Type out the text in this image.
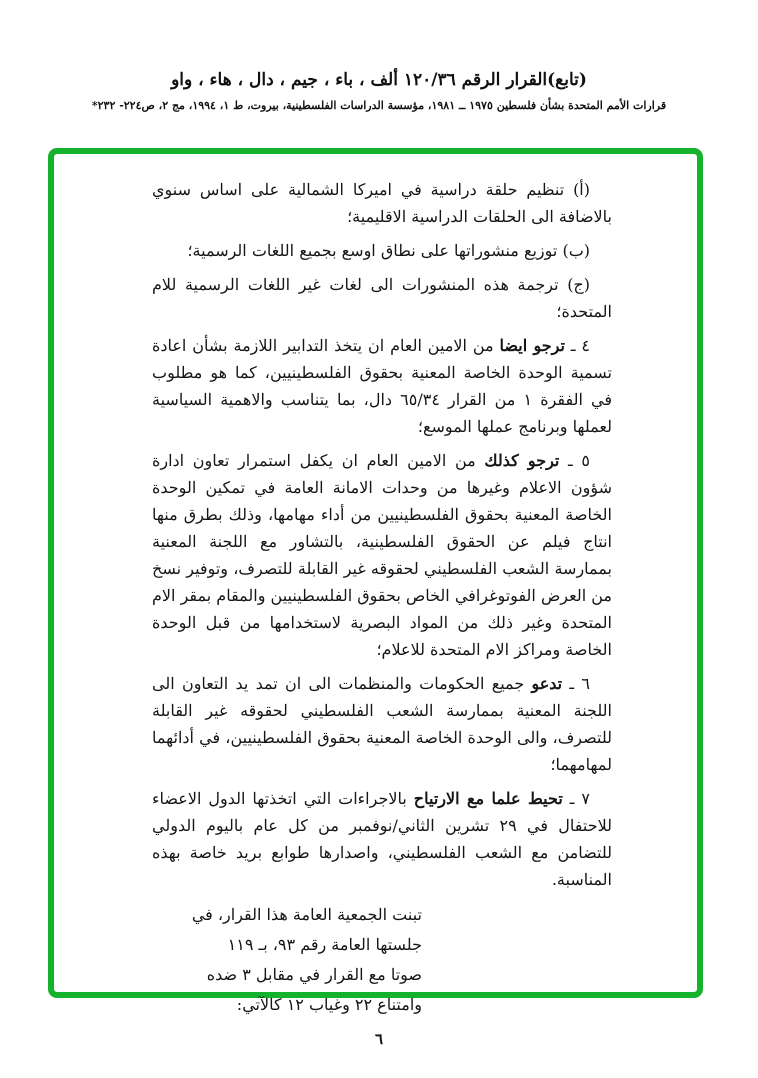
(تابع)القرار الرقم ١٢٠/٣٦ ألف ، باء ، جيم ، دال ، هاء ، واو
قرارات الأمم المتحدة بشأن فلسطين ١٩٧٥ ــ ١٩٨١، مؤسسة الدراسات الفلسطينية، بيروت، ط ١، ١٩٩٤، مج ٢، ص٢٢٤- ٢٣٢*

(أ) تنظيم حلقة دراسية في اميركا الشمالية على اساس سنوي بالاضافة الى الحلقات الدراسية الاقليمية؛

(ب) توزيع منشوراتها على نطاق اوسع بجميع اللغات الرسمية؛

(ج) ترجمة هذه المنشورات الى لغات غير اللغات الرسمية للام المتحدة؛

٤ ـ ترجو ايضا من الامين العام ان يتخذ التدابير اللازمة بشأن اعادة تسمية الوحدة الخاصة المعنية بحقوق الفلسطينيين، كما هو مطلوب في الفقرة ١ من القرار ٦٥/٣٤ دال، بما يتناسب والاهمية السياسية لعملها وبرنامج عملها الموسع؛

٥ ـ ترجو كذلك من الامين العام ان يكفل استمرار تعاون ادارة شؤون الاعلام وغيرها من وحدات الامانة العامة في تمكين الوحدة الخاصة المعنية بحقوق الفلسطينيين من أداء مهامها، وذلك بطرق منها انتاج فيلم عن الحقوق الفلسطينية، بالتشاور مع اللجنة المعنية بممارسة الشعب الفلسطيني لحقوقه غير القابلة للتصرف، وتوفير نسخ من العرض الفوتوغرافي الخاص بحقوق الفلسطينيين والمقام بمقر الام المتحدة وغير ذلك من المواد البصرية لاستخدامها من قبل الوحدة الخاصة ومراكز الام المتحدة للاعلام؛

٦ ـ تدعو جميع الحكومات والمنظمات الى ان تمد يد التعاون الى اللجنة المعنية بممارسة الشعب الفلسطيني لحقوقه غير القابلة للتصرف، والى الوحدة الخاصة المعنية بحقوق الفلسطينيين، في أدائهما لمهامهما؛

٧ ـ تحيط علما مع الارتياح بالاجراءات التي اتخذتها الدول الاعضاء للاحتفال في ٢٩ تشرين الثاني/نوفمبر من كل عام باليوم الدولي للتضامن مع الشعب الفلسطيني، واصدارها طوابع بريد خاصة بهذه المناسبة.

تبنت الجمعية العامة هذا القرار، في
جلستها العامة رقم ٩٣، بـ ١١٩
صوتا مع القرار في مقابل ٣ ضده
وامتناع ٢٢ وغياب ١٢ كالآتي:
٦
